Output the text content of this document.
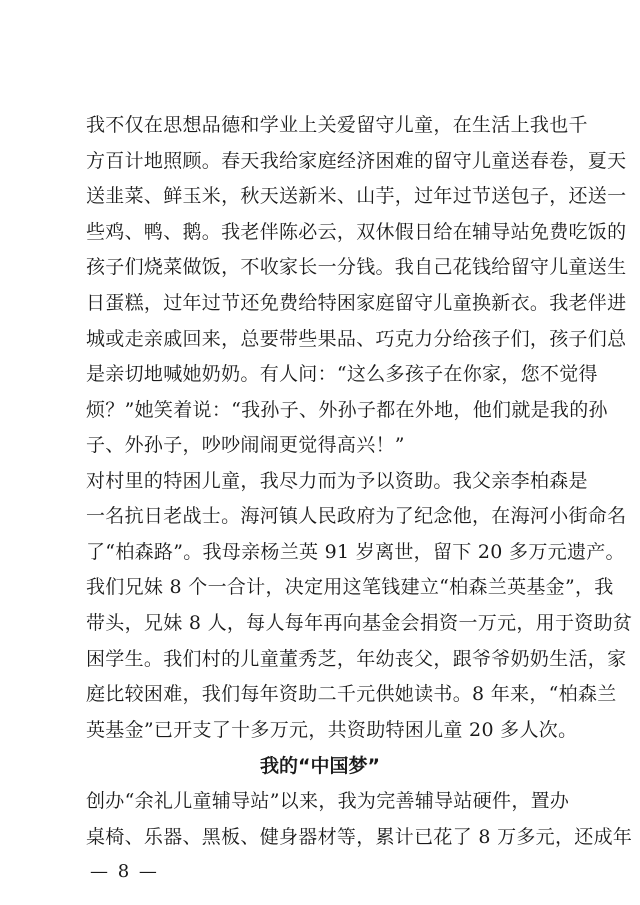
我不仅在思想品德和学业上关爱留守儿童，在生活上我也千
方百计地照顾。春天我给家庭经济困难的留守儿童送春卷，夏天
送韭菜、鲜玉米，秋天送新米、山芋，过年过节送包子，还送一
些鸡、鸭、鹅。我老伴陈必云，双休假日给在辅导站免费吃饭的
孩子们烧菜做饭，不收家长一分钱。我自己花钱给留守儿童送生
日蛋糕，过年过节还免费给特困家庭留守儿童换新衣。我老伴进
城或走亲戚回来，总要带些果品、巧克力分给孩子们，孩子们总
是亲切地喊她奶奶。有人问：“这么多孩子在你家，您不觉得
烦？”她笑着说：“我孙子、外孙子都在外地，他们就是我的孙
子、外孙子，吵吵闹闹更觉得高兴！”
对村里的特困儿童，我尽力而为予以资助。我父亲李柏森是
一名抗日老战士。海河镇人民政府为了纪念他，在海河小街命名
了“柏森路”。我母亲杨兰英 91 岁离世，留下 20 多万元遗产。
我们兄妹 8 个一合计，决定用这笔钱建立“柏森兰英基金”，我
带头，兄妹 8 人，每人每年再向基金会捐资一万元，用于资助贫
困学生。我们村的儿童董秀芝，年幼丧父，跟爷爷奶奶生活，家
庭比较困难，我们每年资助二千元供她读书。8 年来，“柏森兰
英基金”已开支了十多万元，共资助特困儿童 20 多人次。
我的“中国梦”
创办“余礼儿童辅导站”以来，我为完善辅导站硬件，置办
桌椅、乐器、黑板、健身器材等，累计已花了 8 万多元，还成年
— 8 —
